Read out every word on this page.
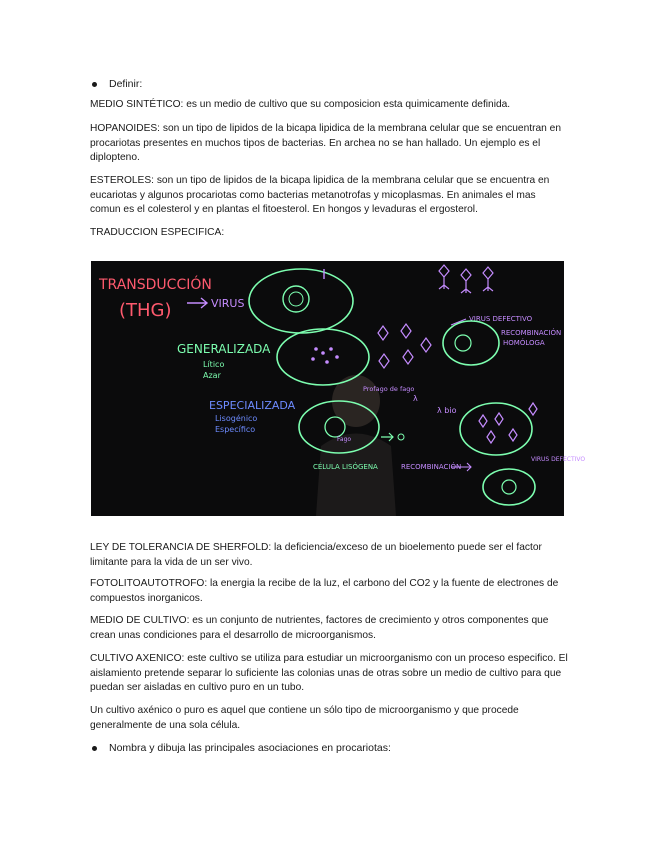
Definir:

MEDIO SINTÉTICO: es un medio de cultivo que su composicion esta quimicamente definida.

HOPANOIDES: son un tipo de lipidos de la bicapa lipidica de la membrana celular que se encuentran en procariotas presentes en muchos tipos de bacterias. En archea no se han hallado. Un ejemplo es el diplopteno.

ESTEROLES: son un tipo de lipidos de la bicapa lipidica de la membrana celular que se encuentra en eucariotas y algunos procariotas como bacterias metanotrofas y micoplasmas. En animales el mas comun es el colesterol y en plantas el fitoesterol. En hongos y levaduras el ergosterol.

TRADUCCION ESPECIFICA:

TRANSDUCCIÓN
(THG)	VIRUS
GENERALIZADA
Lítico
Azar
ESPECIALIZADA
Lisogénico
Específico
VIRUS DEFECTIVO
RECOMBINACIÓN
HOMÓLOGA
Profago de fago
λ
λ bio
Fago
CÉLULA LISÓGENA	RECOMBINACIÓN
VIRUS DEFECTIVO

LEY DE TOLERANCIA DE SHERFOLD: la deficiencia/exceso de un bioelemento puede ser el factor limitante para la vida de un ser vivo.

FOTOLITOAUTOTROFO: la energia la recibe de la luz, el carbono del CO2 y la fuente de electrones de compuestos inorganicos.

MEDIO DE CULTIVO: es un conjunto de nutrientes, factores de crecimiento y otros componentes que crean unas condiciones para el desarrollo de microorganismos.

CULTIVO AXENICO: este cultivo se utiliza para estudiar un microorganismo con un proceso especifico. El aislamiento pretende separar lo suficiente las colonias unas de otras sobre un medio de cultivo para que puedan ser aisladas en cultivo puro en un tubo.

Un cultivo axénico o puro es aquel que contiene un sólo tipo de microorganismo y que procede generalmente de una sola célula.

Nombra y dibuja las principales asociaciones en procariotas:
